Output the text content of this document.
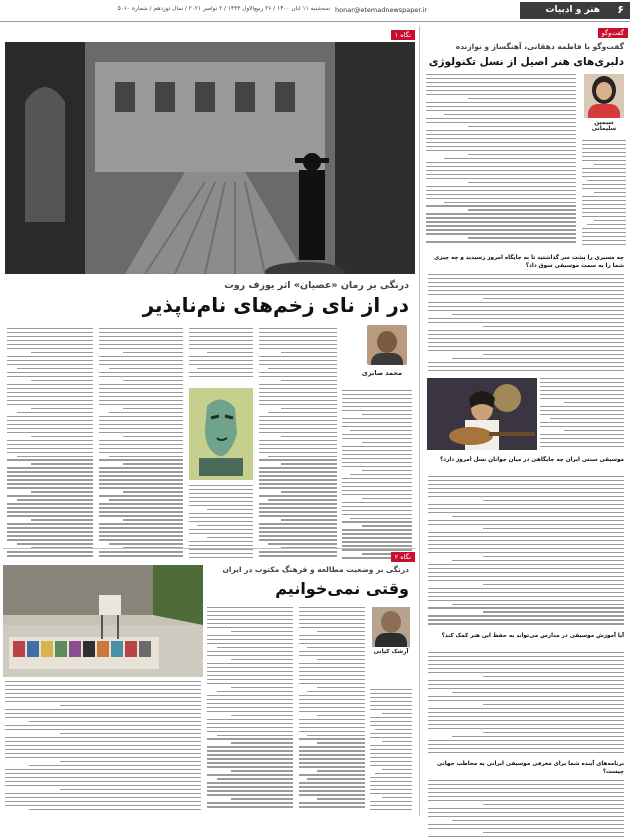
۶
هنر و ادبیات
honar@etemadnewspaper.ir
سه‌شنبه ۱۱ آبان ۱۴۰۰ / ۲۶ ربیع‌الاول ۱۴۴۳ / ۲ نوامبر ۲۰۲۱ / سال نوزدهم / شماره ۵۰۶۰
نگاه ۱
درنگی بر رمان «عصیان» اثر یوزف روت
در از نای زخم‌های نام‌ناپذیر
محمد صابری
گفت‌وگو
گفت‌وگو با فاطمه دهقانی، آهنگساز و نوازنده
دلبری‌های هنر اصیل از نسل تکنولوژی
سیمین سلیمانی
چه مسیری را پشت سر گذاشتید تا به جایگاه امروز رسیدید و چه چیزی شما را به سمت موسیقی سوق داد؟
موسیقی سنتی ایران چه جایگاهی در میان جوانان نسل امروز دارد؟
آیا آموزش موسیقی در مدارس می‌تواند به حفظ این هنر کمک کند؟
برنامه‌های آینده شما برای معرفی موسیقی ایرانی به مخاطب جهانی چیست؟
نگاه ۲
درنگی بر وضعیت مطالعه و فرهنگ مکتوب در ایران
وقتی نمی‌خوانیم
آرشک کیانی
